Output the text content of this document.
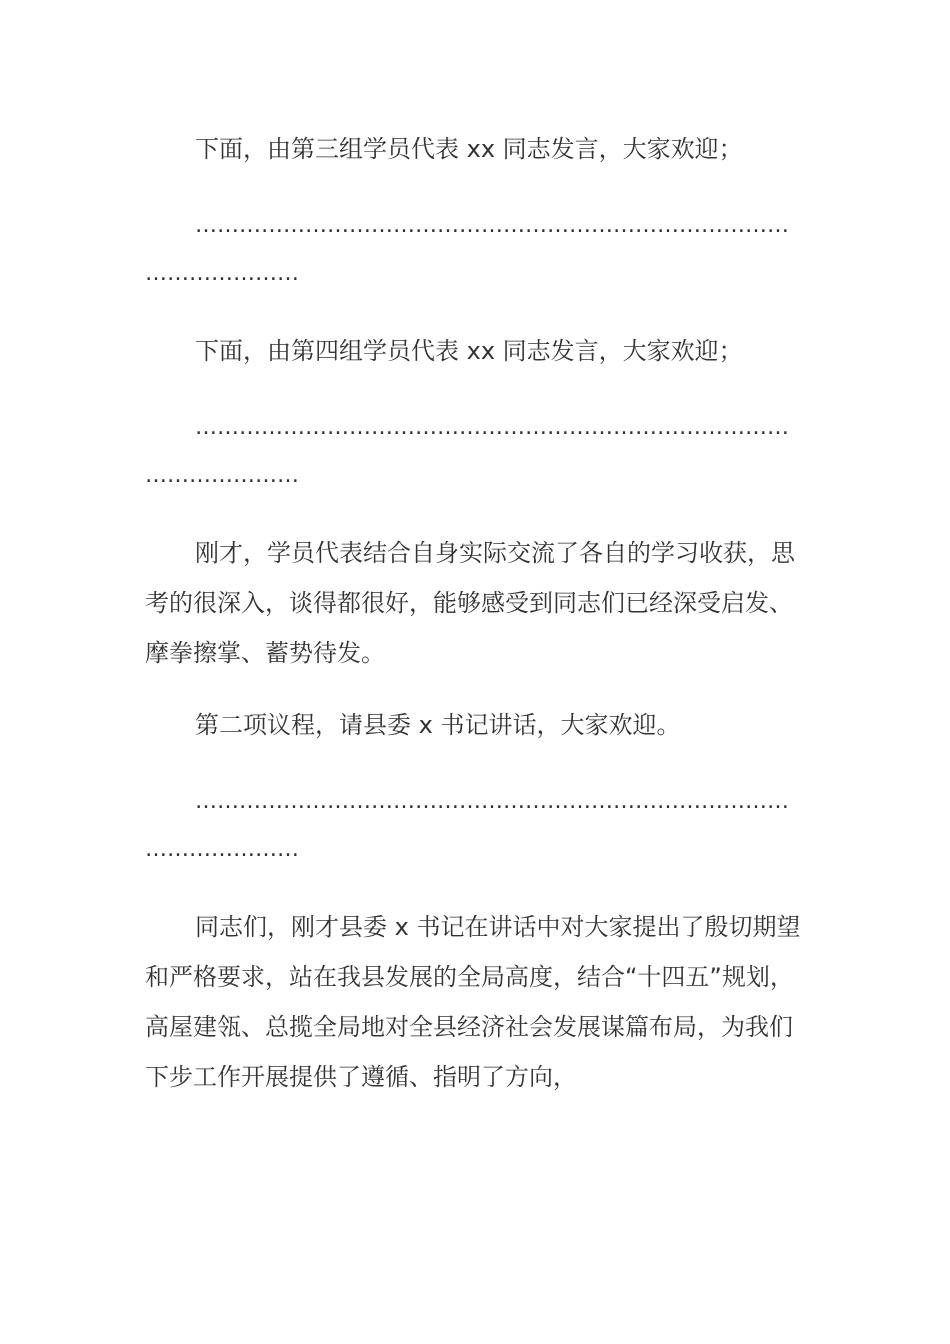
下面，由第三组学员代表 xx 同志发言，大家欢迎；

…………………………………………………………………………………………

下面，由第四组学员代表 xx 同志发言，大家欢迎；

…………………………………………………………………………………………

刚才，学员代表结合自身实际交流了各自的学习收获，思考的很深入，谈得都很好，能够感受到同志们已经深受启发、摩拳擦掌、蓄势待发。

第二项议程，请县委 x 书记讲话，大家欢迎。

…………………………………………………………………………………………

同志们，刚才县委 x 书记在讲话中对大家提出了殷切期望和严格要求，站在我县发展的全局高度，结合“十四五”规划，高屋建瓴、总揽全局地对全县经济社会发展谋篇布局，为我们下步工作开展提供了遵循、指明了方向，
